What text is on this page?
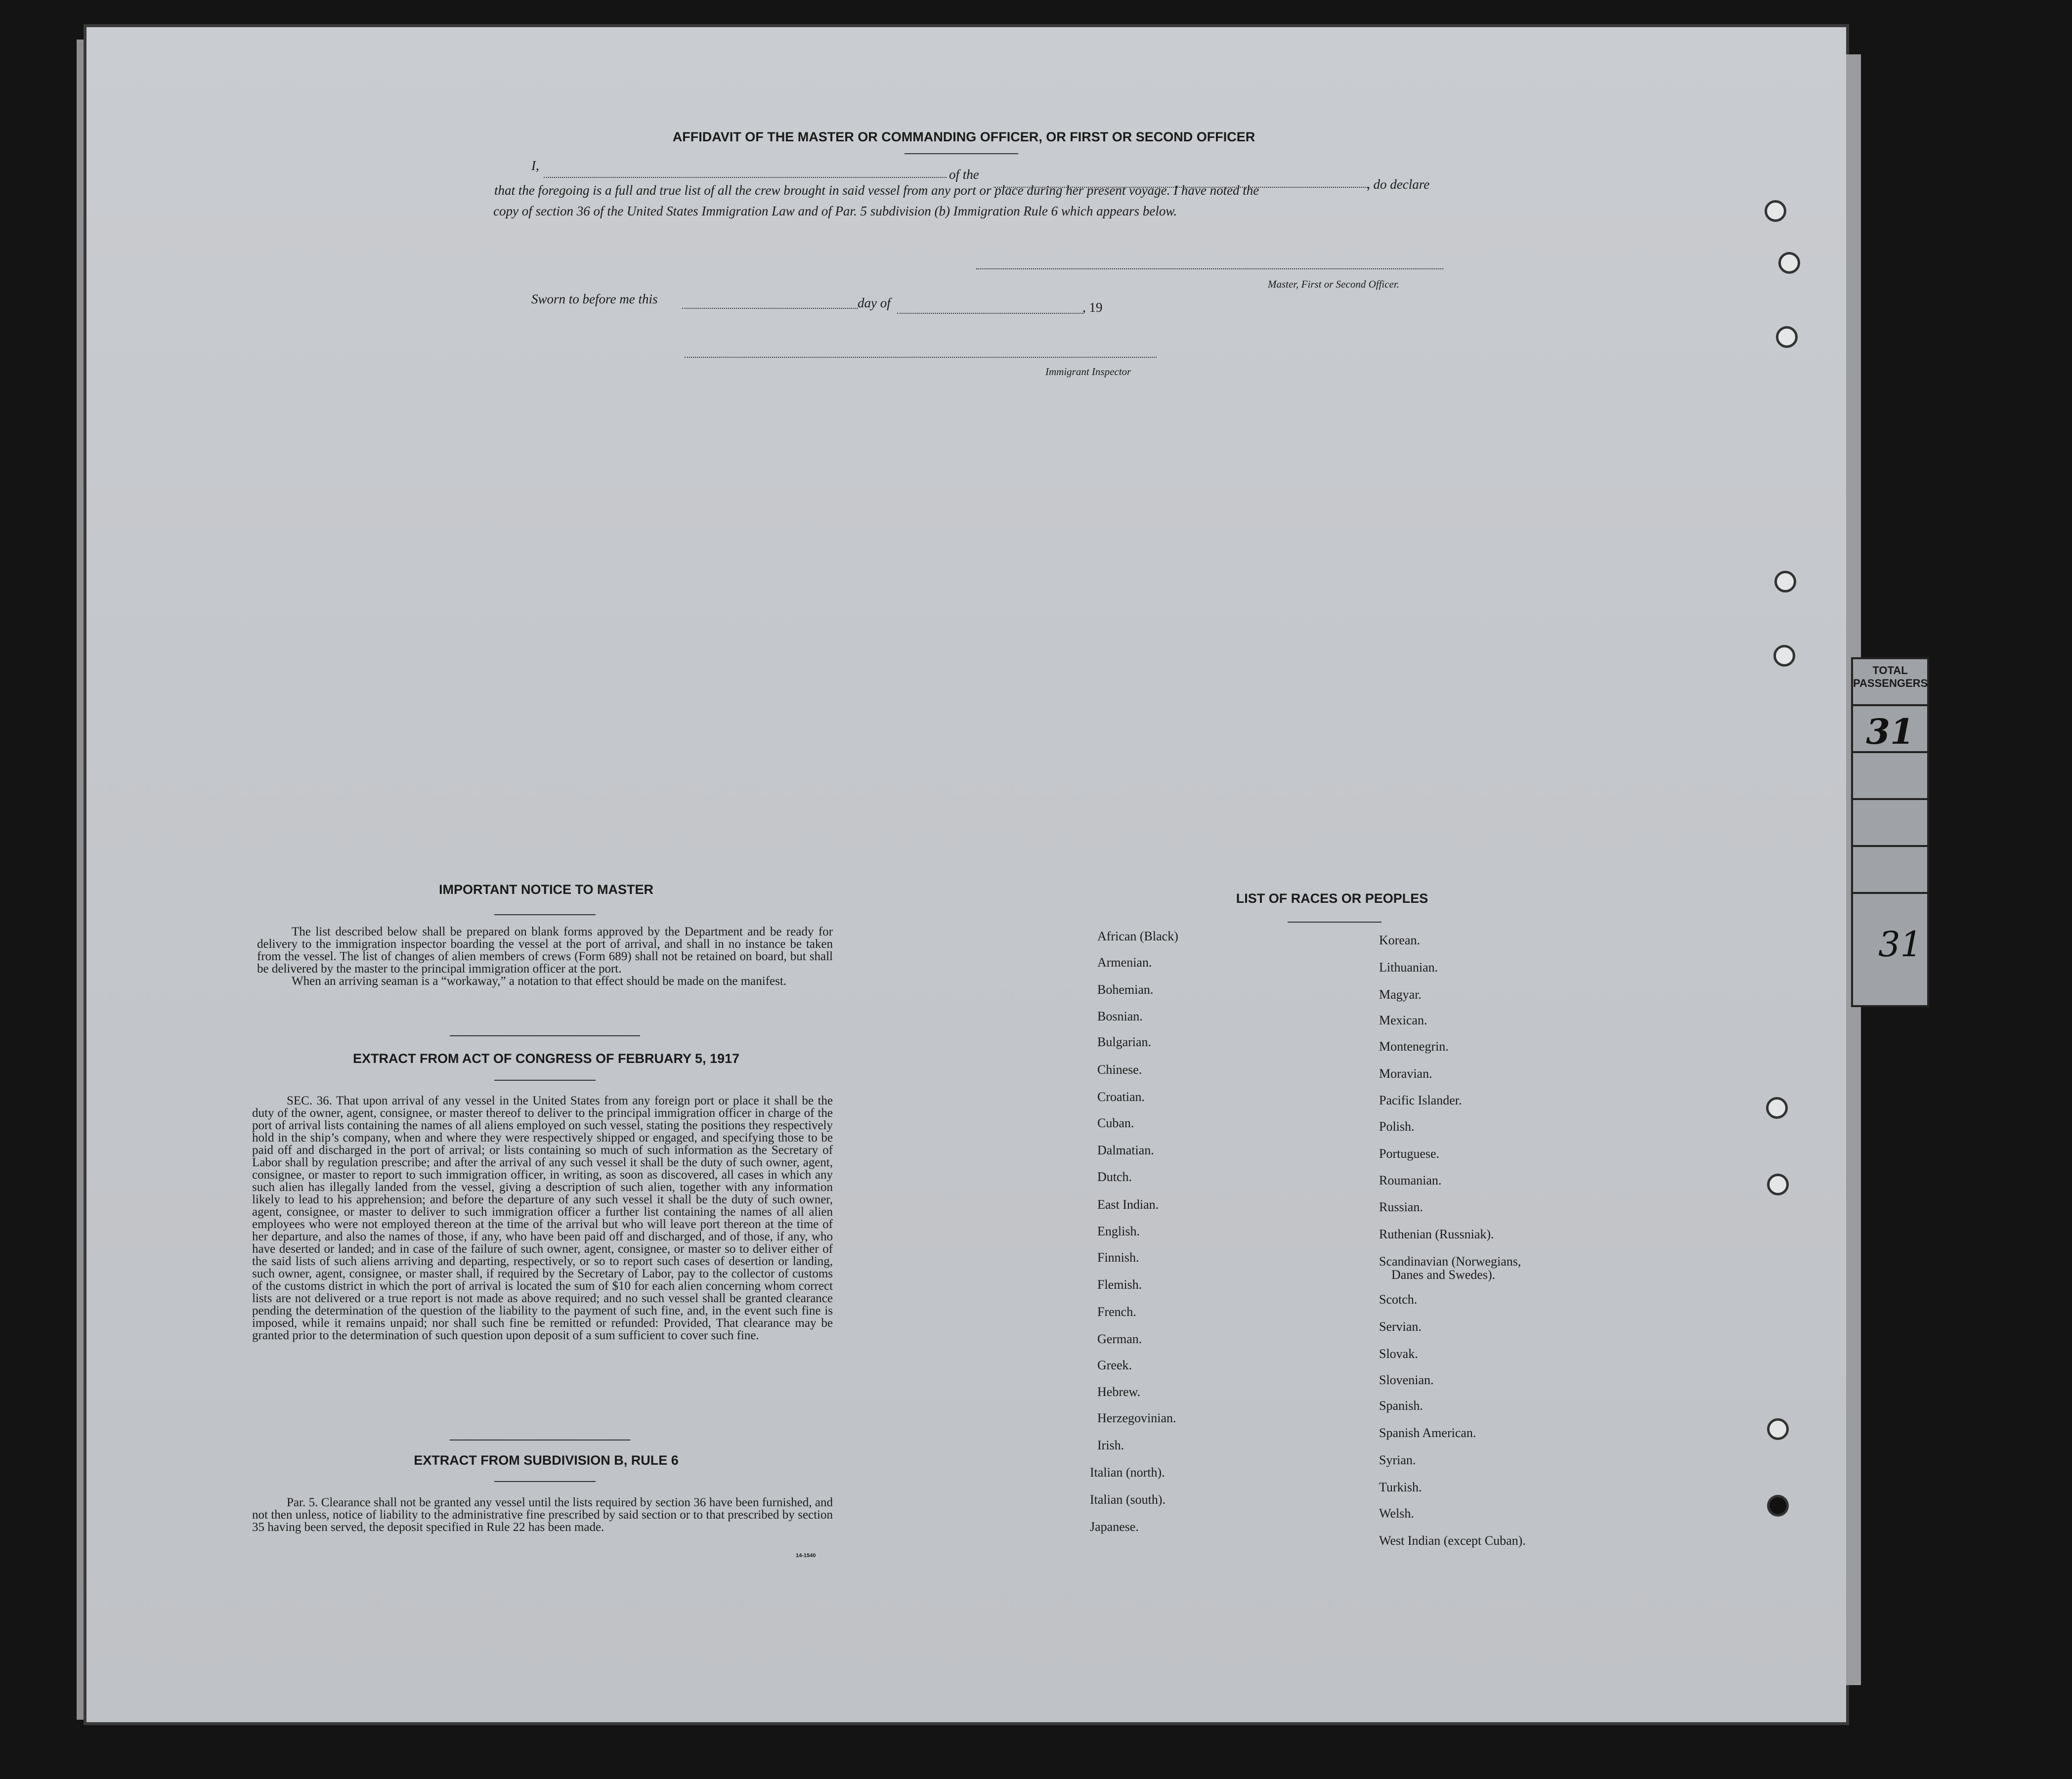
TOTAL
PASSENGERS
31
31
AFFIDAVIT OF THE MASTER OR COMMANDING OFFICER, OR FIRST OR SECOND OFFICER
I,
of the
, do declare
that the foregoing is a full and true list of all the crew brought in said vessel from any port or place during her present voyage. I have noted the
copy of section 36 of the United States Immigration Law and of Par. 5 subdivision (b) Immigration Rule 6 which appears below.
Master, First or Second Officer.
Sworn to before me this	day of	, 19
Immigrant Inspector
IMPORTANT NOTICE TO MASTER

The list described below shall be prepared on blank forms approved by the Department and be ready for delivery to the immigration inspector boarding the vessel at the port of arrival, and shall in no instance be taken from the vessel. The list of changes of alien members of crews (Form 689) shall not be retained on board, but shall be delivered by the master to the principal immigration officer at the port.

When an arriving seaman is a “workaway,” a notation to that effect should be made on the manifest.

EXTRACT FROM ACT OF CONGRESS OF FEBRUARY 5, 1917

SEC. 36. That upon arrival of any vessel in the United States from any foreign port or place it shall be the duty of the owner, agent, consignee, or master thereof to deliver to the principal immigration officer in charge of the port of arrival lists containing the names of all aliens employed on such vessel, stating the positions they respectively hold in the ship’s company, when and where they were respectively shipped or engaged, and specifying those to be paid off and discharged in the port of arrival; or lists containing so much of such information as the Secretary of Labor shall by regulation prescribe; and after the arrival of any such vessel it shall be the duty of such owner, agent, consignee, or master to report to such immigration officer, in writing, as soon as discovered, all cases in which any such alien has illegally landed from the vessel, giving a description of such alien, together with any information likely to lead to his apprehension; and before the departure of any such vessel it shall be the duty of such owner, agent, consignee, or master to deliver to such immigration officer a further list containing the names of all alien employees who were not employed thereon at the time of the arrival but who will leave port thereon at the time of her departure, and also the names of those, if any, who have been paid off and discharged, and of those, if any, who have deserted or landed; and in case of the failure of such owner, agent, consignee, or master so to deliver either of the said lists of such aliens arriving and departing, respectively, or so to report such cases of desertion or landing, such owner, agent, consignee, or master shall, if required by the Secretary of Labor, pay to the collector of customs of the customs district in which the port of arrival is located the sum of $10 for each alien concerning whom correct lists are not delivered or a true report is not made as above required; and no such vessel shall be granted clearance pending the determination of the question of the liability to the payment of such fine, and, in the event such fine is imposed, while it remains unpaid; nor shall such fine be remitted or refunded: Provided, That clearance may be granted prior to the determination of such question upon deposit of a sum sufficient to cover such fine.

EXTRACT FROM SUBDIVISION B, RULE 6

Par. 5. Clearance shall not be granted any vessel until the lists required by section 36 have been furnished, and not then unless, notice of liability to the administrative fine prescribed by said section or to that prescribed by section 35 having been served, the deposit specified in Rule 22 has been made.

14-1540
LIST OF RACES OR PEOPLES
African (Black)
Armenian.
Bohemian.
Bosnian.
Bulgarian.
Chinese.
Croatian.
Cuban.
Dalmatian.
Dutch.
East Indian.
English.
Finnish.
Flemish.
French.
German.
Greek.
Hebrew.
Herzegovinian.
Irish.
Italian (north).
Italian (south).
Japanese.
Korean.
Lithuanian.
Magyar.
Mexican.
Montenegrin.
Moravian.
Pacific Islander.
Polish.
Portuguese.
Roumanian.
Russian.
Ruthenian (Russniak).
Scandinavian (Norwegians,
Danes and Swedes).
Scotch.
Servian.
Slovak.
Slovenian.
Spanish.
Spanish American.
Syrian.
Turkish.
Welsh.
West Indian (except Cuban).
